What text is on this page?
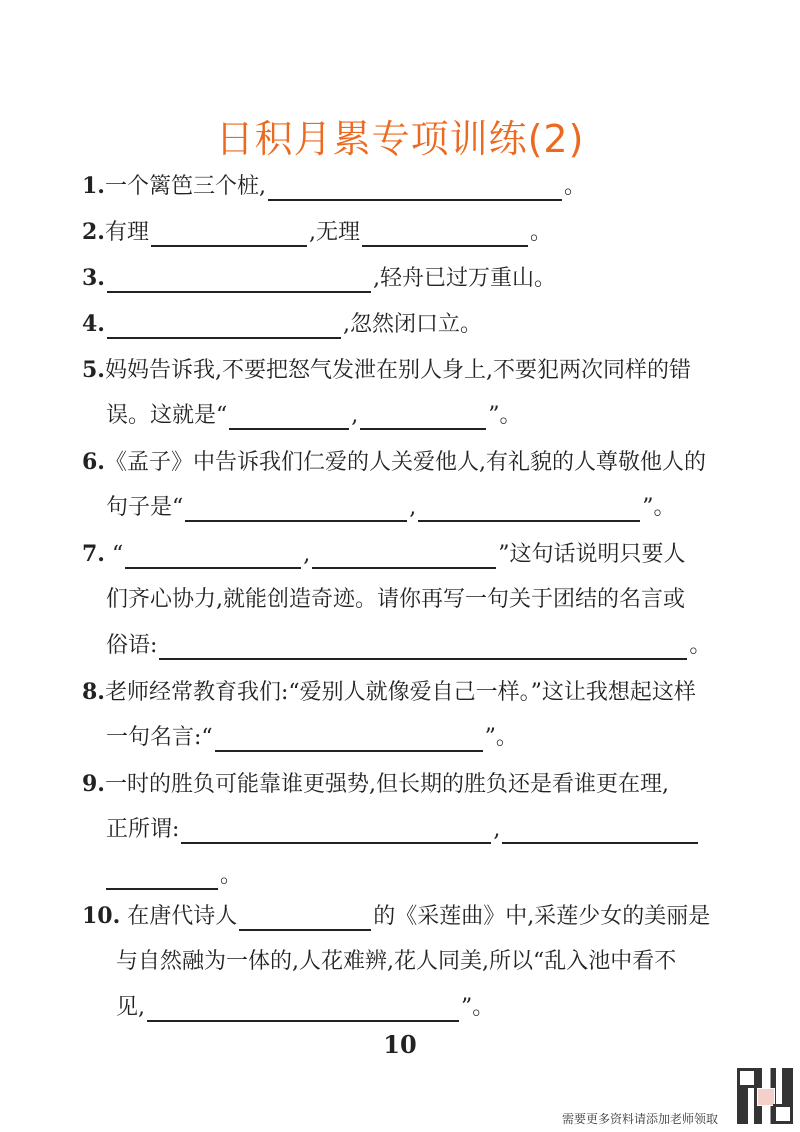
日积月累专项训练(2)
1.一个篱笆三个桩,	。
2.有理	,无理	。
3.	,轻舟已过万重山。
4.	,忽然闭口立。
5.妈妈告诉我,不要把怒气发泄在别人身上,不要犯两次同样的错
误。这就是“	,	”。
6.《孟子》中告诉我们仁爱的人关爱他人,有礼貌的人尊敬他人的
句子是“	,	”。
7. “	,	”这句话说明只要人
们齐心协力,就能创造奇迹。请你再写一句关于团结的名言或
俗语:	。
8.老师经常教育我们:“爱别人就像爱自己一样。”这让我想起这样
一句名言:“	”。
9.一时的胜负可能靠谁更强势,但长期的胜负还是看谁更在理,
正所谓:	,
。
10. 在唐代诗人	的《采莲曲》中,采莲少女的美丽是
与自然融为一体的,人花难辨,花人同美,所以“乱入池中看不
见,	”。
10
需要更多资料请添加老师领取
